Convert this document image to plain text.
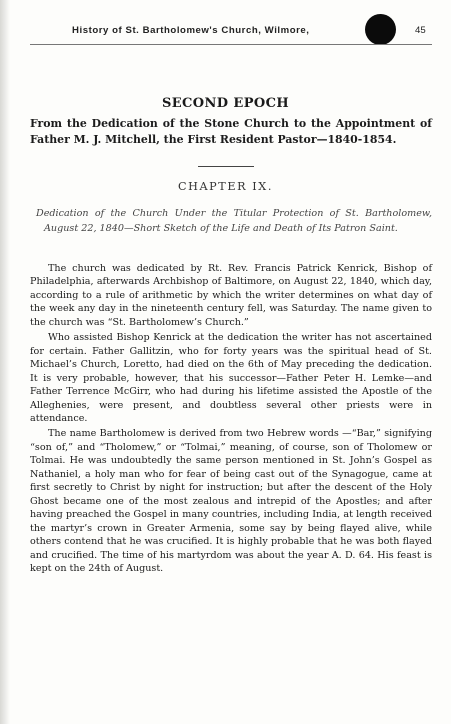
History of St. Bartholomew's Church, Wilmore,	45
SECOND EPOCH
From the Dedication of the Stone Church to the Appointment of Father M. J. Mitchell, the First Resident Pastor—1840-1854.
CHAPTER IX.
Dedication of the Church Under the Titular Protection of St. Bartholomew, August 22, 1840—Short Sketch of the Life and Death of Its Patron Saint.

The church was dedicated by Rt. Rev. Francis Patrick Kenrick, Bishop of Philadelphia, afterwards Archbishop of Baltimore, on August 22, 1840, which day, according to a rule of arithmetic by which the writer determines on what day of the week any day in the nineteenth century fell, was Saturday. The name given to the church was “St. Bartholomew’s Church.”

Who assisted Bishop Kenrick at the dedication the writer has not ascertained for certain. Father Gallitzin, who for forty years was the spiritual head of St. Michael’s Church, Loretto, had died on the 6th of May preceding the dedication. It is very probable, however, that his successor—Father Peter H. Lemke—and Father Terrence McGirr, who had during his lifetime assisted the Apostle of the Alleghenies, were present, and doubtless several other priests were in attendance.

The name Bartholomew is derived from two Hebrew words —“Bar,” signifying “son of,” and “Tholomew,” or “Tolmai,” meaning, of course, son of Tholomew or Tolmai. He was undoubtedly the same person mentioned in St. John’s Gospel as Nathaniel, a holy man who for fear of being cast out of the Synagogue, came at first secretly to Christ by night for instruction; but after the descent of the Holy Ghost became one of the most zealous and intrepid of the Apostles; and after having preached the Gospel in many countries, including India, at length received the martyr’s crown in Greater Armenia, some say by being flayed alive, while others contend that he was crucified. It is highly probable that he was both flayed and crucified. The time of his martyrdom was about the year A. D. 64. His feast is kept on the 24th of August.
